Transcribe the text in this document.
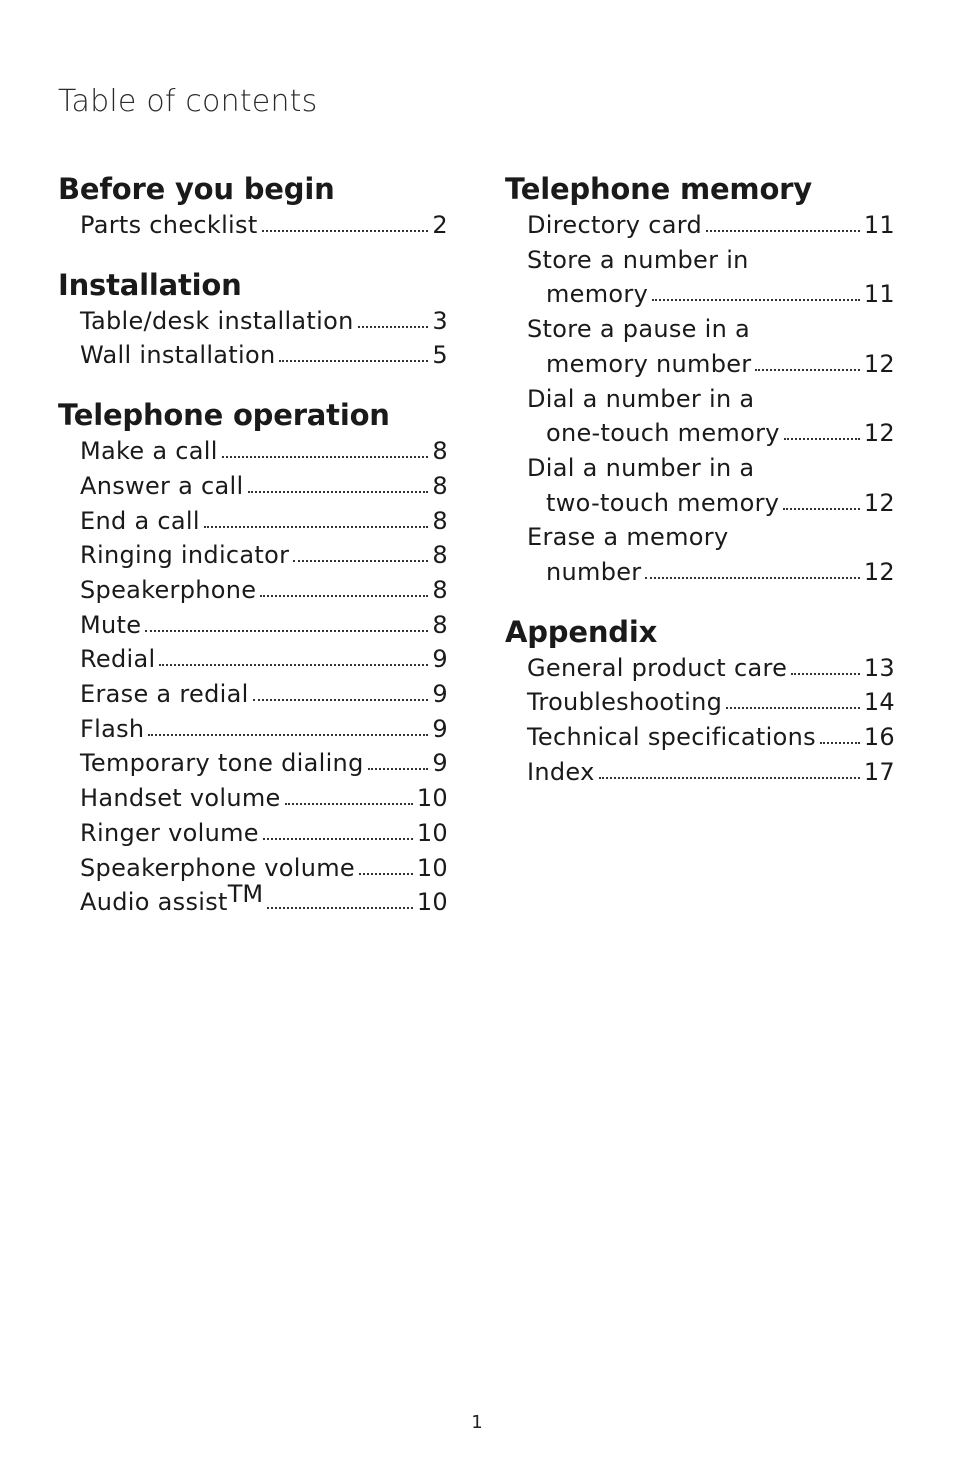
Table of contents
Before you begin
Parts checklist	2
Installation
Table/desk installation	3
Wall installation	5
Telephone operation
Make a call	8
Answer a call	8
End a call	8
Ringing indicator	8
Speakerphone	8
Mute	8
Redial	9
Erase a redial	9
Flash	9
Temporary tone dialing	9
Handset volume	10
Ringer volume	10
Speakerphone volume	10
Audio assist™	10
Telephone memory
Directory card	11
Store a number in
memory	11
Store a pause in a
memory number	12
Dial a number in a
one-touch memory	12
Dial a number in a
two-touch memory	12
Erase a memory
number	12
Appendix
General product care	13
Troubleshooting	14
Technical specifications 16
Index	17
1
